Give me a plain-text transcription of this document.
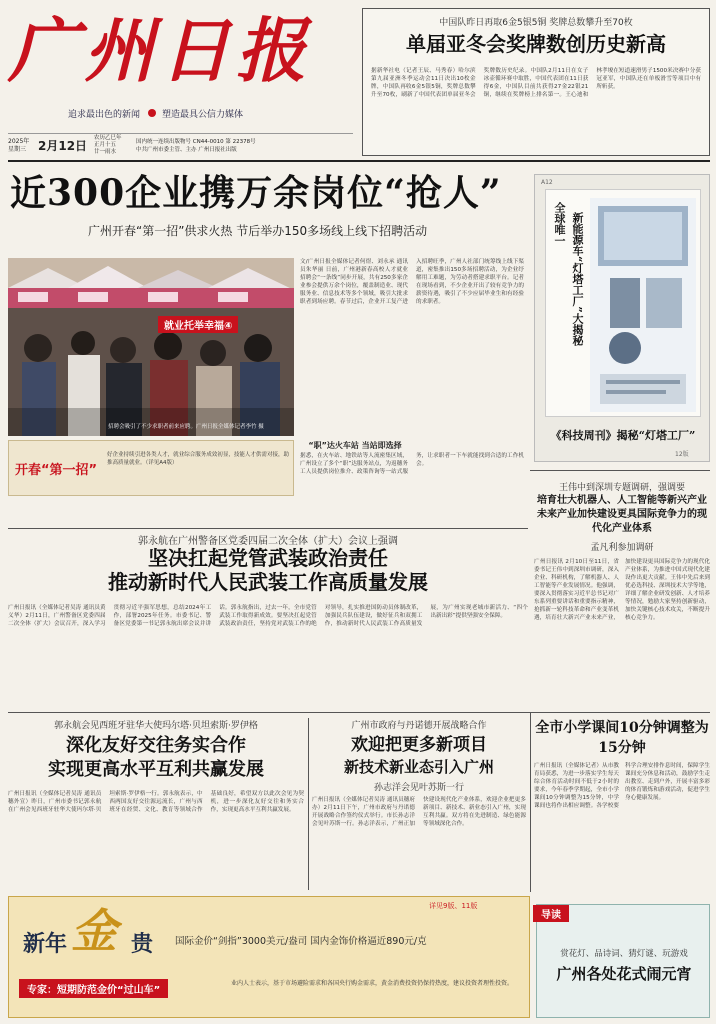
广州日报
追求最出色的新闻 塑造最具公信力媒体
2025年
星期三 2月12日
农历乙巳年
正月十五
廿一雨水
国内统一连续出版物号 CN44-0010 第 22378号
中共广州市委主管、主办 广州日报社出版
中国队昨日再取6金5银5铜 奖牌总数攀升至70枚
单届亚冬会奖牌数创历史新高
据新华社电（记者王辰、马秀春）哈尔滨第九届亚洲冬季运动会11日决出10枚金牌，中国队再收6金5银5铜，奖牌总数攀升至70枚，刷新了中国代表团单届亚冬会奖牌数历史纪录。中国队2月11日在女子冰壶循环赛中取胜，中国代表团在11日获得6金，中国队目前共获得27金22银21铜，继续在奖牌榜上排名第一。王心迪和林孝埈在短道速滑男子1500米决赛中分获冠亚军，中国队还在单板滑雪等项目中有所斩获。
近300企业携万余岗位“抢人”
广州开春“第一招”供求火热 节后举办150多场线上线下招聘活动
就业托举幸福④
招聘会吸引了不少求职者前来应聘。广州日报全媒体记者李竹 摄
开春“第一招”
好企业持续引进各类人才，就业综合服务成效初显，技能人才供需对接，助推高质量就业。（详见A4版）
文/广州日报全媒体记者何煜、刘永承 通讯员朱华丽 日前，广州港新春高校人才就业招聘会“一条线”同步开展，共有250多家企业参会提供万余个岗位，覆盖制造业、现代服务业、信息技术等多个领域，吸引大批求职者到场应聘。春节过后，企业开工复产进入招聘旺季，广州人社部门统筹线上线下渠道，密集推出150多场招聘活动，为企业纾解用工难题，为劳动者搭建求职平台。记者在现场看到，不少企业开出了较有竞争力的薪资待遇，吸引了不少应届毕业生和有经验的求职者。
“职”达火车站 当站即选择
据悉，在火车站、地铁站等人流密集区域，广州设立了多个“职”达服务站点，为返穗务工人员提供岗位推介、政策咨询等一站式服务，让求职者一下车就能找到合适的工作机会。
A12
全球唯一 新能源车“灯塔工厂”大揭秘
《科技周刊》揭秘“灯塔工厂”
12版
王伟中到深圳专题调研，强调要
培育壮大机器人、人工智能等新兴产业未来产业加快建设更具国际竞争力的现代化产业体系
孟凡利参加调研
广州日报讯 2月10日至11日，省委书记王伟中到深圳市调研，深入企业、科研机构，了解机器人、人工智能等产业发展情况。他强调，要深入贯彻落实习近平总书记对广东系列重要讲话和重要指示精神，抢抓新一轮科技革命和产业变革机遇，培育壮大新兴产业未来产业，加快建设更具国际竞争力的现代化产业体系，为推进中国式现代化建设作出更大贡献。王伟中先后来到优必选科技、深圳技术大学等地，详细了解企业研发创新、人才培养等情况，勉励大家坚持创新驱动，加快关键核心技术攻关，不断提升核心竞争力。
郭永航在广州警备区党委四届二次全体（扩大）会议上强调
坚决扛起党管武装政治责任
推动新时代人民武装工作高质量发展
广州日报讯（全媒体记者吴涛 通讯员黄义华）2月11日，广州警备区党委四届二次全体（扩大）会议召开，深入学习贯彻习近平强军思想，总结2024年工作，部署2025年任务。市委书记、警备区党委第一书记郭永航出席会议并讲话。郭永航指出，过去一年，全市党管武装工作取得新成效。要坚决扛起党管武装政治责任，坚持党对武装工作的绝对领导，扎实推进国防动员体制改革，加强民兵队伍建设，做好征兵和双拥工作，推动新时代人民武装工作高质量发展，为广州实现老城市新活力、“四个出新出彩”提供坚强安全保障。
郭永航会见西班牙驻华大使玛尔塔·贝坦索斯·罗伊格
深化友好交往务实合作
实现更高水平互利共赢发展
广州日报讯（全媒体记者吴涛 通讯员穗外宣）昨日，广州市委书记郭永航在广州会见西班牙驻华大使玛尔塔·贝坦索斯·罗伊格一行。郭永航表示，中西两国友好交往源远流长，广州与西班牙在经贸、文化、教育等领域合作基础良好，希望双方以此次会见为契机，进一步深化友好交往和务实合作，实现更高水平互利共赢发展。
广州市政府与丹诺德开展战略合作
欢迎把更多新项目
新技术新业态引入广州
孙志洋会见叶苏斯一行
广州日报讯（全媒体记者吴涛 通讯员穗府办）2月11日下午，广州市政府与丹诺德开展战略合作签约仪式举行。市长孙志洋会见叶苏斯一行。孙志洋表示，广州正加快建设现代化产业体系，欢迎企业把更多新项目、新技术、新业态引入广州，实现互利共赢。双方将在先进制造、绿色能源等领域深化合作。
全市小学课间10分钟调整为15分钟
广州日报讯（全媒体记者）从市教育局获悉，为进一步落实学生每天综合体育活动时间不低于2小时的要求，今年春季学期起，全市小学课间10分钟调整为15分钟，中学课间也将作出相应调整。各学校要科学合理安排作息时间，保障学生课间充分休息和活动，鼓励学生走出教室、走到户外，开展丰富多彩的体育锻炼和游戏活动，促进学生身心健康发展。
新年 金 贵
详见9版、11版
国际金价“剑指”3000美元/盎司 国内金饰价格逼近890元/克
专家：短期防范金价“过山车”
业内人士表示，基于市场避险需求和各国央行购金需求，黄金消费投资仍保持热度，建议投资者理性投资。
导读
赏花灯、品诗词、猜灯谜、玩游戏
广州各处花式闹元宵
